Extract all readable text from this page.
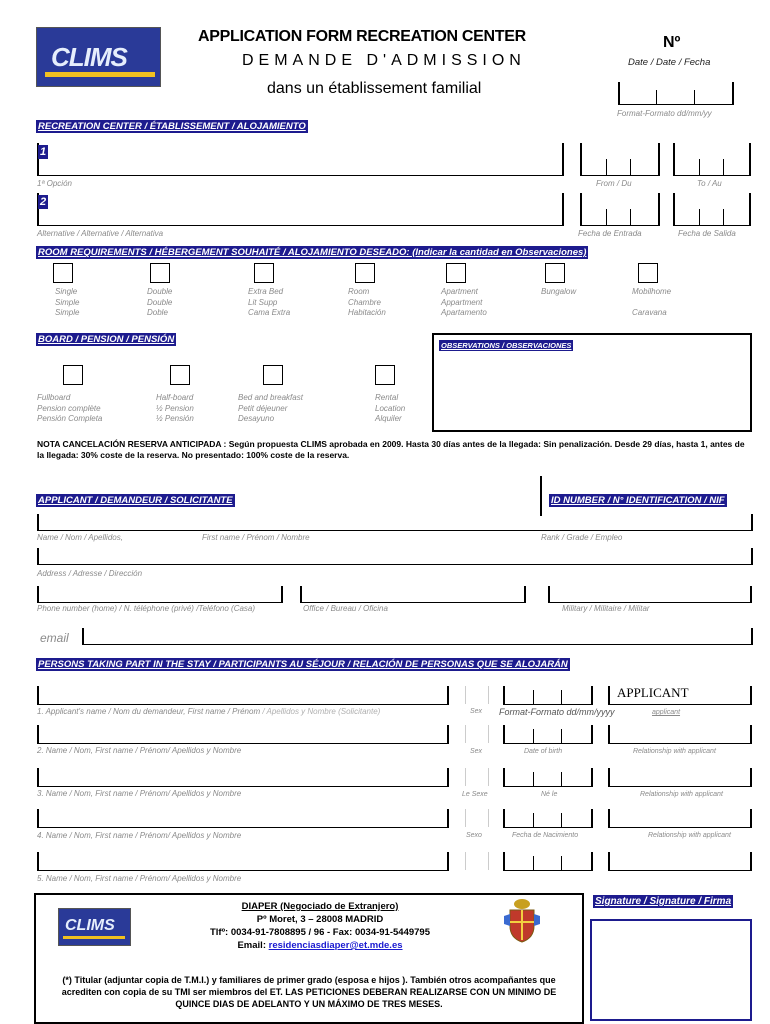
CLIMS
APPLICATION FORM RECREATION CENTER
DEMANDE D'ADMISSION
dans un établissement familial
Nº
Date / Date / Fecha
Format-Formato dd/mm/yy
RECREATION CENTER / ÉTABLISSEMENT / ALOJAMIENTO
1
1ª Opción	From / Du	To / Au
2
Alternative / Alternative / Alternativa	Fecha de Entrada	Fecha de Salida
ROOM REQUIREMENTS / HÉBERGEMENT SOUHAITÉ / ALOJAMIENTO DESEADO: (Indicar la cantidad en Observaciones)
Single
Simple
Simple
Double
Double
Doble
Extra Bed
Lit Supp
Cama Extra
Room
Chambre
Habitación
Apartment
Appartment
Apartamento
Bungalow	Mobilhome

Caravana
BOARD / PENSION / PENSIÓN
OBSERVATIONS / OBSERVACIONES
Fullboard
Pension complète
Pensión Completa
Half-board
½ Pension
½ Pensión
Bed and breakfast
Petit déjeuner
Desayuno
Rental
Location
Alquiler
NOTA CANCELACIÓN RESERVA ANTICIPADA : Según propuesta CLIMS aprobada en 2009. Hasta 30 días antes de la llegada: Sin penalización. Desde 29 días, hasta 1, antes de la llegada: 30% coste de la reserva. No presentado: 100% coste de la reserva.
APPLICANT / DEMANDEUR / SOLICITANTE	ID NUMBER / N° IDENTIFICATION / NIF
Name / Nom / Apellidos,	First name / Prénom / Nombre	Rank / Grade / Empleo
Address / Adresse / Dirección
Phone number (home) / N. téléphone (privé) /Teléfono (Casa)	Office / Bureau / Oficina	Military / Militaire / Militar
email
PERSONS TAKING PART IN THE STAY / PARTICIPANTS AU SÉJOUR / RELACIÓN DE PERSONAS QUE SE ALOJARÁN
1. Applicant's name / Nom du demandeur, First name / Prénom / Apellidos y Nombre (Solicitante)	Sex Format-Formato dd/mm/yyyy
APPLICANT
applicant
2. Name / Nom, First name / Prénom/ Apellidos y Nombre	Sex	Date of birth	Relationship with applicant
3. Name / Nom, First name / Prénom/ Apellidos y Nombre	Le Sexe	Né le	Relationship with applicant
4. Name / Nom, First name / Prénom/ Apellidos y Nombre	Sexo	Fecha de Nacimiento	Relationship with applicant
5. Name / Nom, First name / Prénom/ Apellidos y Nombre
CLIMS
DIAPER (Negociado de Extranjero)
Pº Moret, 3 – 28008 MADRID
Tlfº: 0034-91-7808895 / 96 - Fax: 0034-91-5449795
Email: residenciasdiaper@et.mde.es
(*) Titular (adjuntar copia de T.M.I.) y familiares de primer grado (esposa e hijos ). También otros acompañantes que acrediten con copia de su TMI ser miembros del ET. LAS PETICIONES DEBERAN REALIZARSE CON UN MINIMO DE QUINCE DIAS DE ADELANTO Y UN MÁXIMO DE TRES MESES.
Signature / Signature / Firma
